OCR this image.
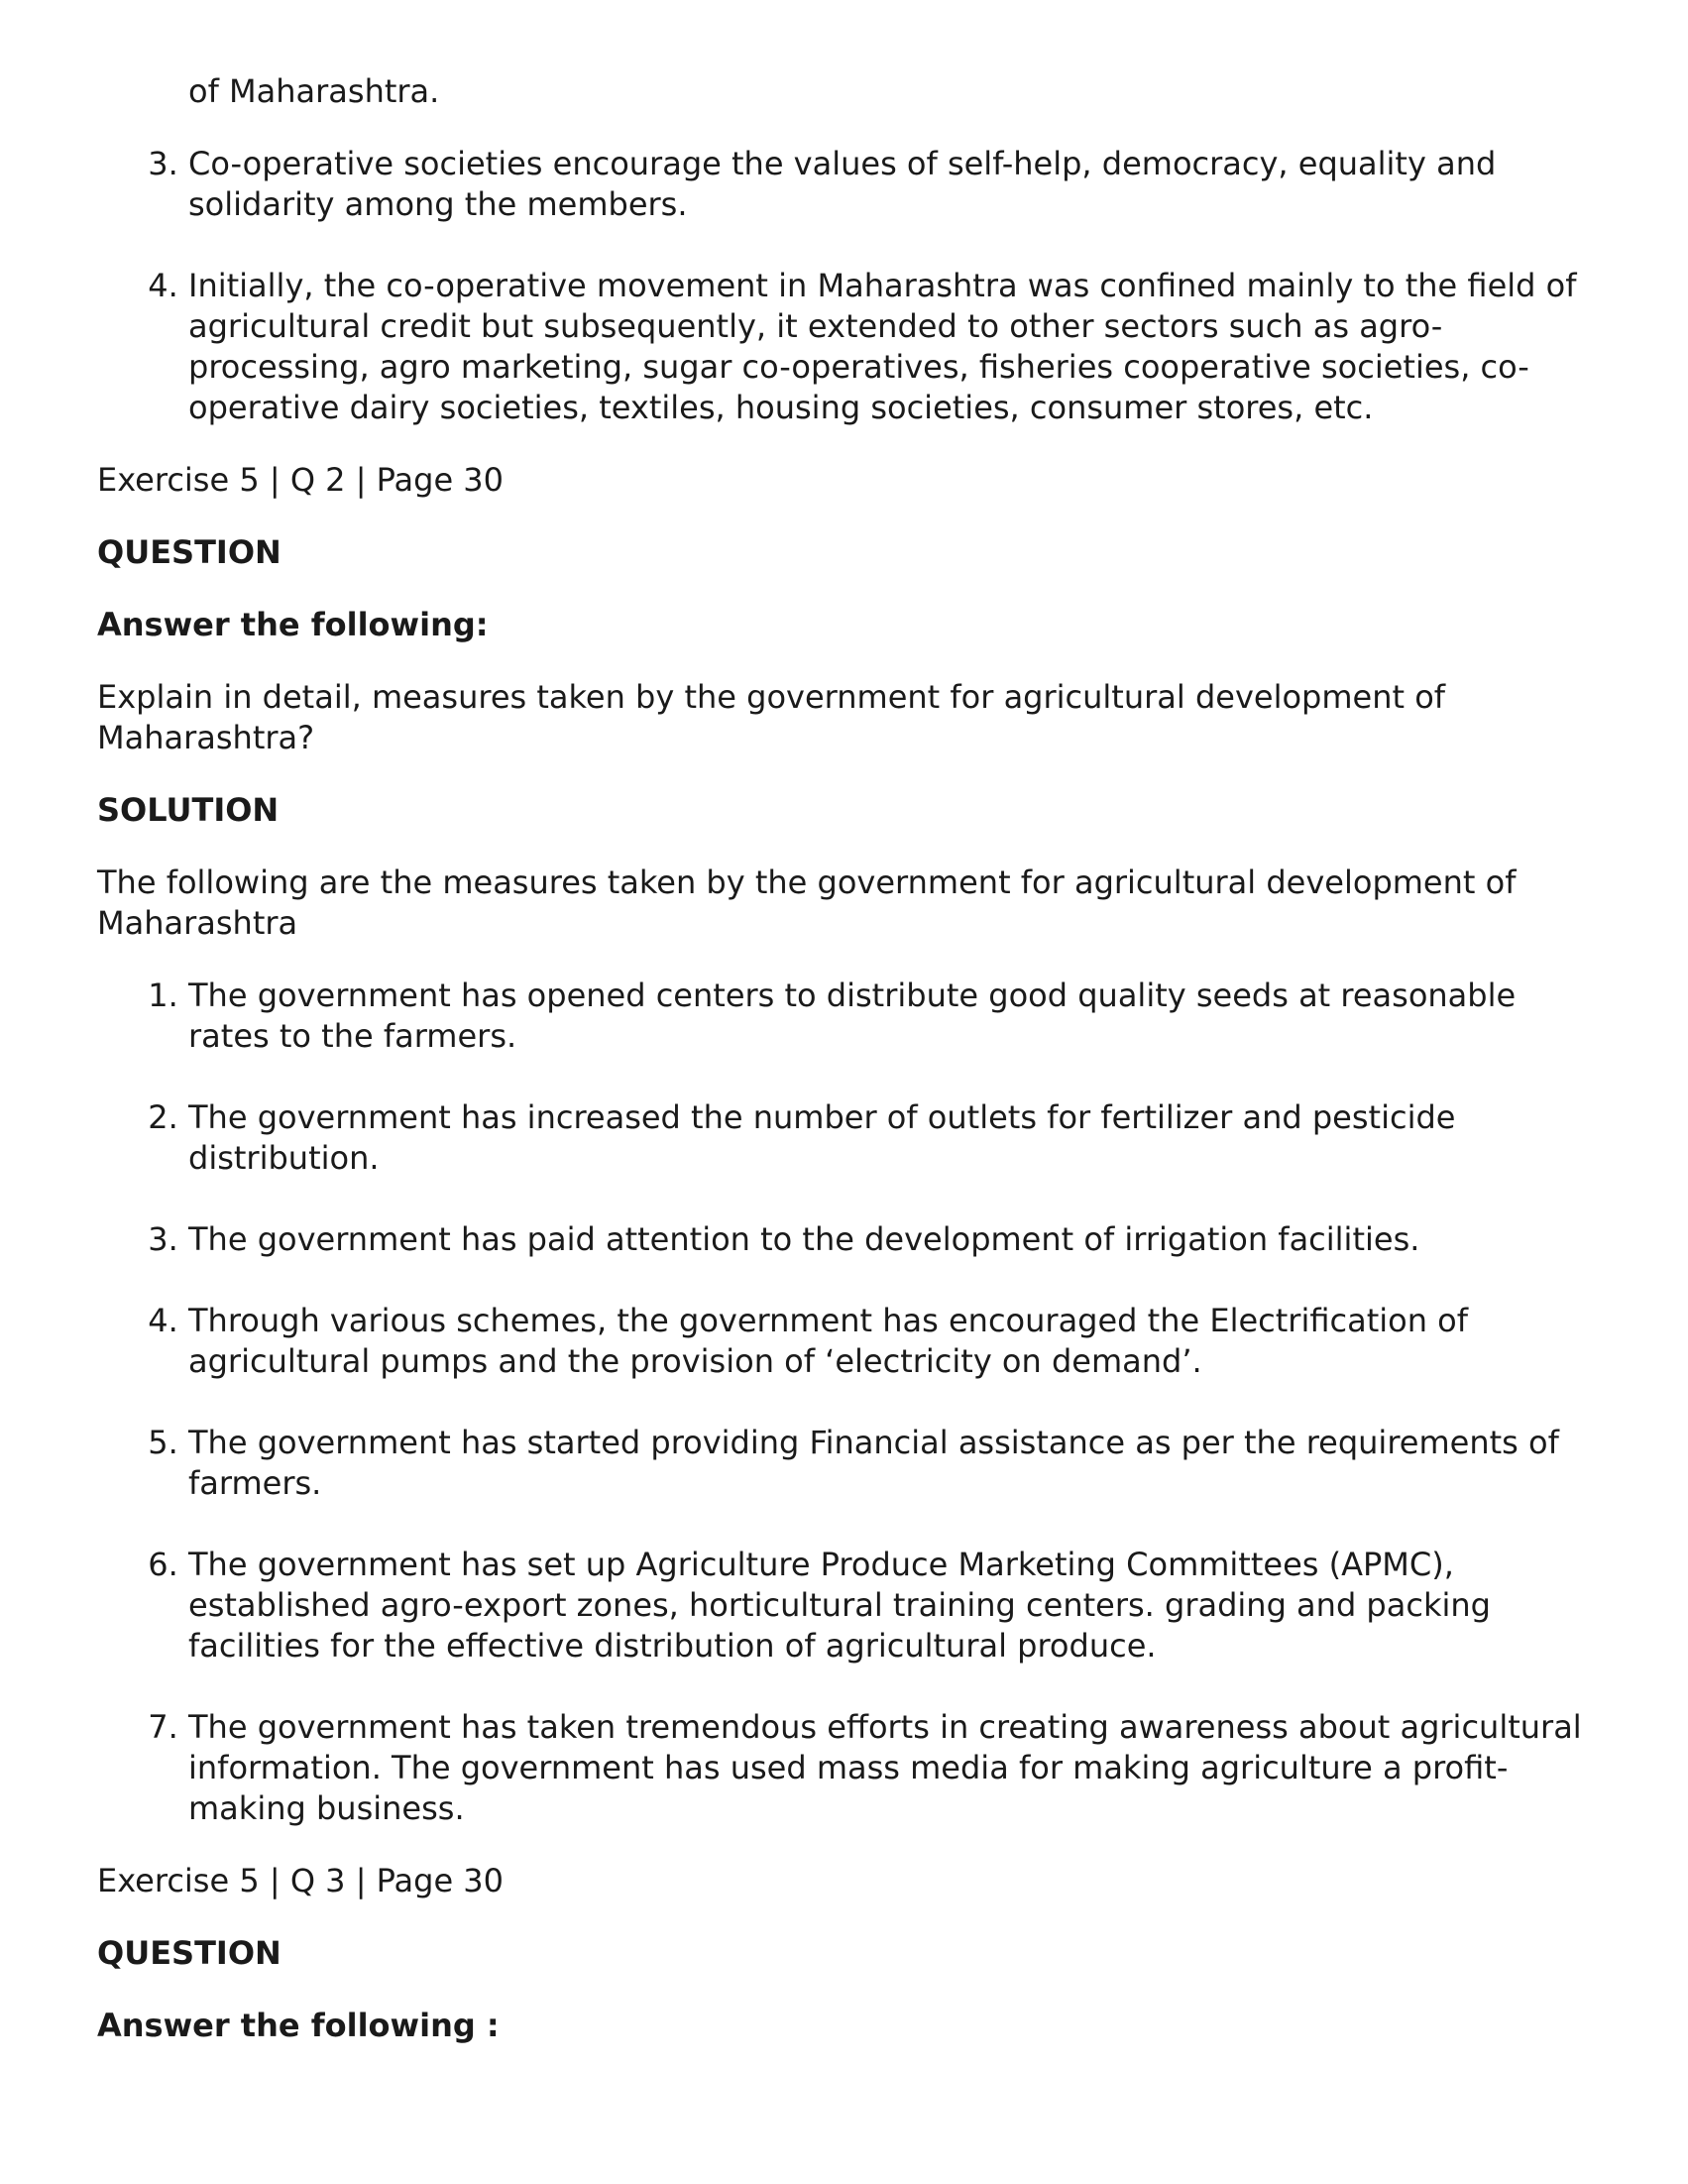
of Maharashtra.
3. Co-operative societies encourage the values of self-help, democracy, equality and solidarity among the members.
4. Initially, the co-operative movement in Maharashtra was confined mainly to the field of agricultural credit but subsequently, it extended to other sectors such as agro-processing, agro marketing, sugar co-operatives, fisheries cooperative societies, co-operative dairy societies, textiles, housing societies, consumer stores, etc.

Exercise 5 | Q 2 | Page 30

QUESTION

Answer the following:

Explain in detail, measures taken by the government for agricultural development of Maharashtra?

SOLUTION

The following are the measures taken by the government for agricultural development of Maharashtra

1. The government has opened centers to distribute good quality seeds at reasonable rates to the farmers.
2. The government has increased the number of outlets for fertilizer and pesticide distribution.
3. The government has paid attention to the development of irrigation facilities.
4. Through various schemes, the government has encouraged the Electrification of agricultural pumps and the provision of ‘electricity on demand’.
5. The government has started providing Financial assistance as per the requirements of farmers.
6. The government has set up Agriculture Produce Marketing Committees (APMC), established agro-export zones, horticultural training centers. grading and packing facilities for the effective distribution of agricultural produce.
7. The government has taken tremendous efforts in creating awareness about agricultural information. The government has used mass media for making agriculture a profit-making business.

Exercise 5 | Q 3 | Page 30

QUESTION

Answer the following :
